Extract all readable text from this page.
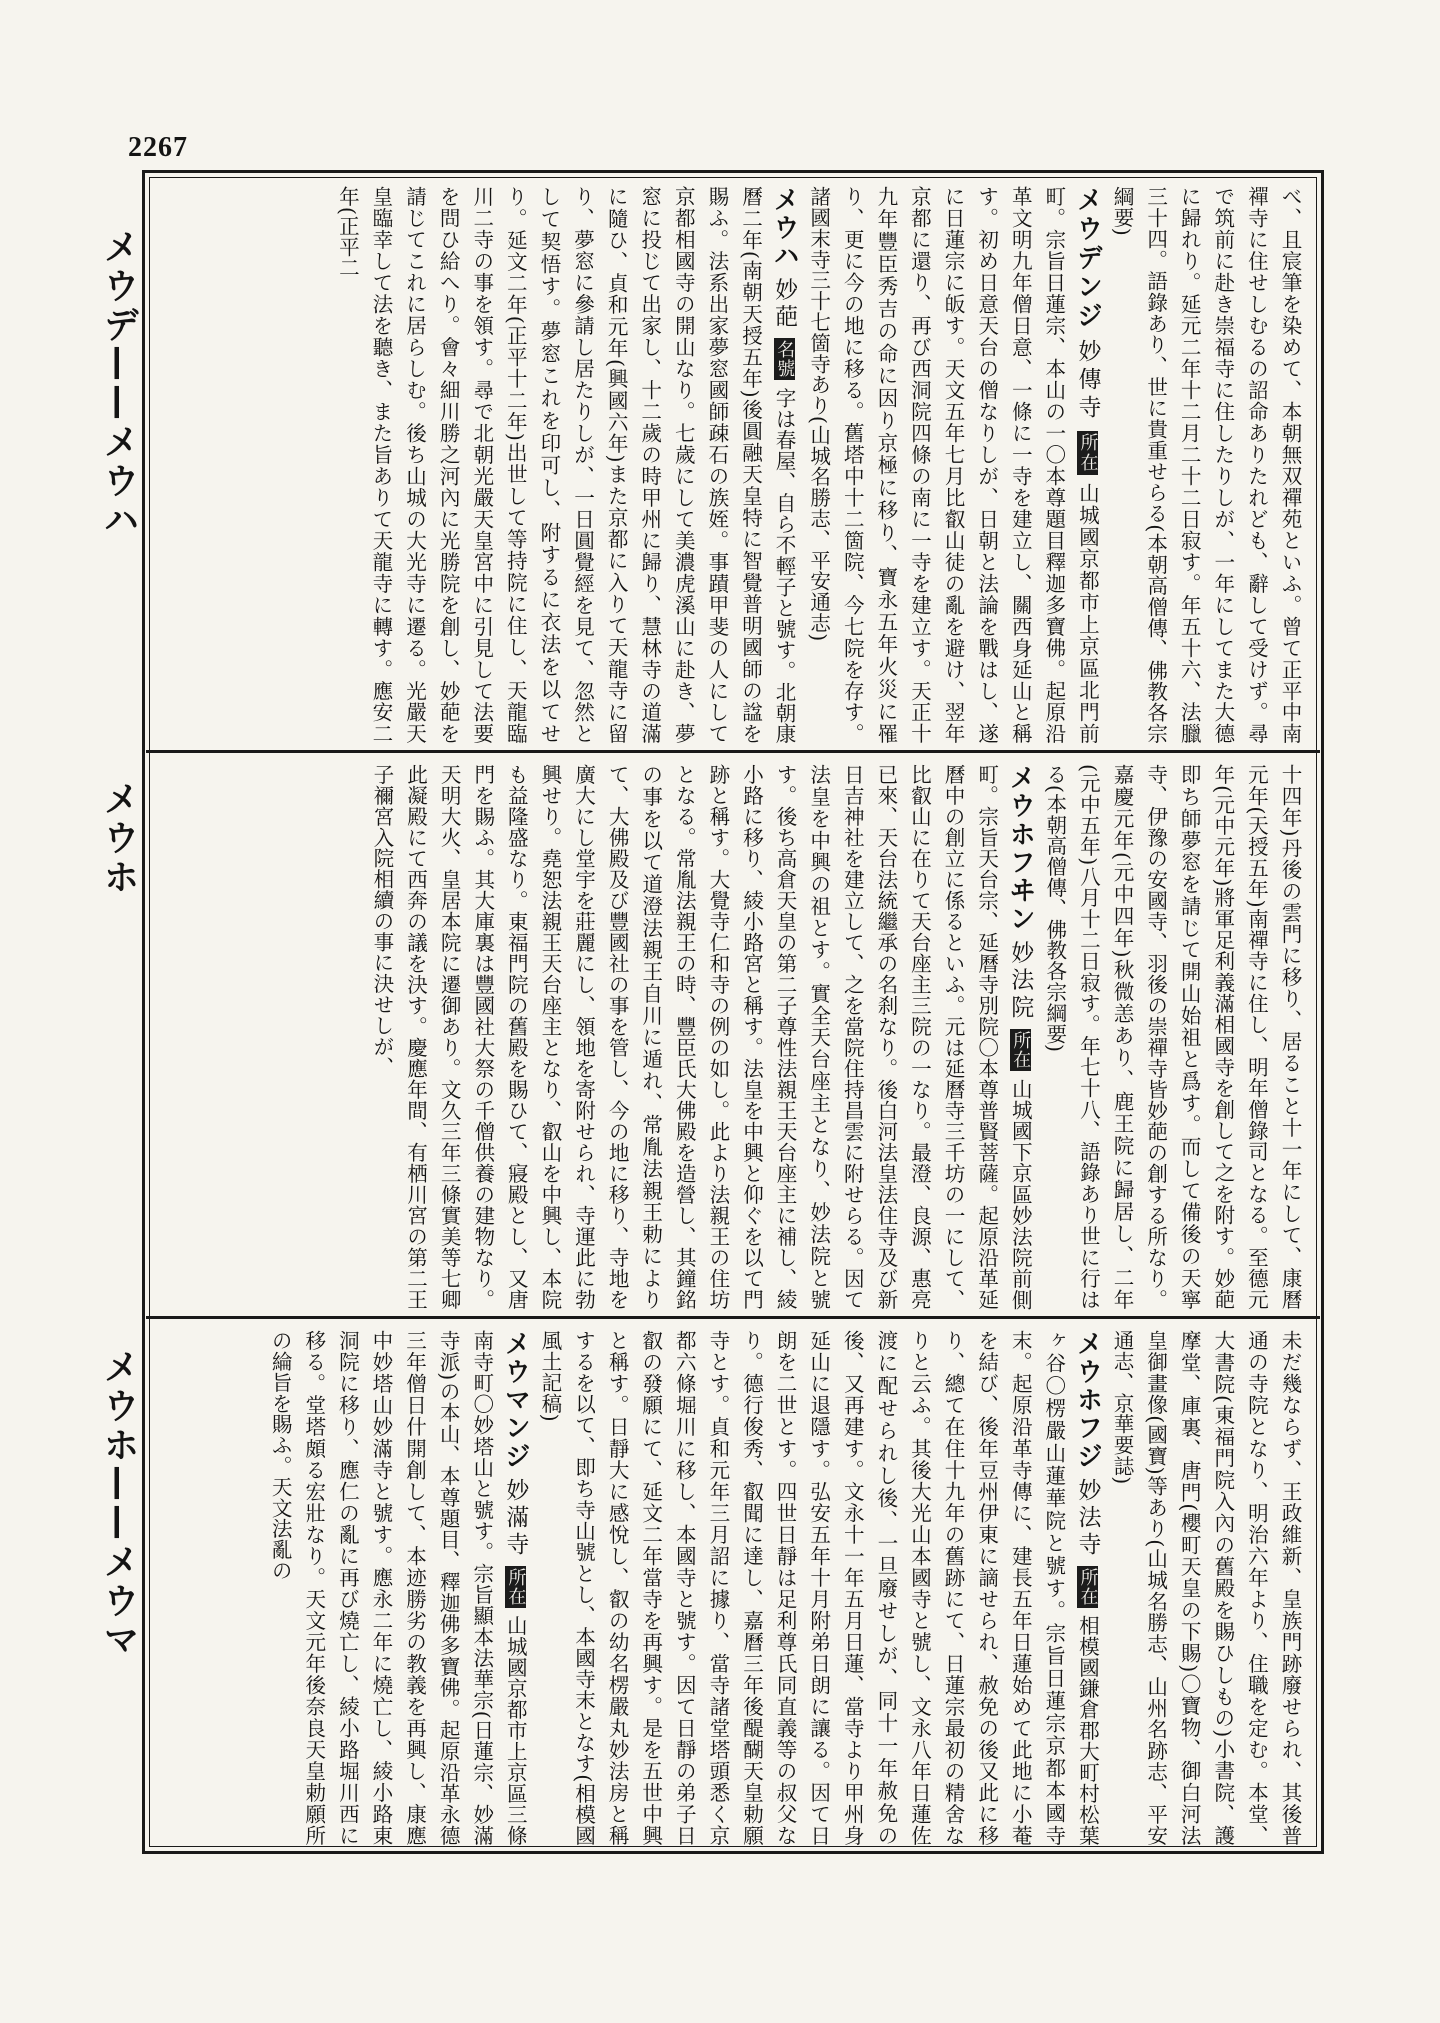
2267
メウデ——メウハ
メウホ
メウホ——メウマ

べ、且宸筆を染めて、本朝無双禪苑といふ。曾て正平中南禪寺に住せしむるの詔命ありたれども、辭して受けず。尋で筑前に赴き崇福寺に住したりしが、一年にしてまた大德に歸れり。延元二年十二月二十二日寂す。年五十六、法臘三十四。語錄あり、世に貴重せらる(本朝高僧傳、佛教各宗綱要)

メウデンジ 妙傳寺 所在 山城國京都市上京區北門前町。宗旨日蓮宗、本山の一〇本尊題目釋迦多寶佛。起原沿革文明九年僧日意、一條に一寺を建立し、關西身延山と稱す。初め日意天台の僧なりしが、日朝と法論を戰はし、遂に日蓮宗に皈す。天文五年七月比叡山徒の亂を避け、翌年京都に還り、再び西洞院四條の南に一寺を建立す。天正十九年豐臣秀吉の命に因り京極に移り、寶永五年火災に罹り、更に今の地に移る。舊塔中十二箇院、今七院を存す。諸國末寺三十七箇寺あり(山城名勝志、平安通志)

メウハ 妙葩 名號 字は春屋、自ら不輕子と號す。北朝康曆二年(南朝天授五年)後圓融天皇特に智覺普明國師の諡を賜ふ。法系出家夢窓國師疎石の族姪。事蹟甲斐の人にして京都相國寺の開山なり。七歲にして美濃虎溪山に赴き、夢窓に投じて出家し、十二歲の時甲州に歸り、慧林寺の道滿に隨ひ、貞和元年(興國六年)また京都に入りて天龍寺に留り、夢窓に參請し居たりしが、一日圓覺經を見て、忽然として契悟す。夢窓これを印可し、附するに衣法を以てせり。延文二年(正平十二年)出世して等持院に住し、天龍臨川二寺の事を領す。尋で北朝光嚴天皇宮中に引見して法要を問ひ給へり。會々細川勝之河內に光勝院を創し、妙葩を請じてこれに居らしむ。後ち山城の大光寺に遷る。光嚴天皇臨幸して法を聽き、また旨ありて天龍寺に轉す。應安二年(正平二

十四年)丹後の雲門に移り、居ること十一年にして、康曆元年(天授五年)南禪寺に住し、明年僧錄司となる。至德元年(元中元年)將軍足利義滿相國寺を創して之を附す。妙葩即ち師夢窓を請じて開山始祖と爲す。而して備後の天寧寺、伊豫の安國寺、羽後の崇禪寺皆妙葩の創する所なり。嘉慶元年(元中四年)秋微恙あり、鹿王院に歸居し、二年(元中五年)八月十二日寂す。年七十八、語錄あり世に行はる(本朝高僧傳、佛教各宗綱要)

メウホフヰン 妙法院 所在 山城國下京區妙法院前側町。宗旨天台宗、延曆寺別院〇本尊普賢菩薩。起原沿革延曆中の創立に係るといふ。元は延曆寺三千坊の一にして、比叡山に在りて天台座主三院の一なり。最澄、良源、惠亮已來、天台法統繼承の名刹なり。後白河法皇法住寺及び新日吉神社を建立して、之を當院住持昌雲に附せらる。因て法皇を中興の祖とす。實全天台座主となり、妙法院と號す。後ち高倉天皇の第二子尊性法親王天台座主に補し、綾小路に移り、綾小路宮と稱す。法皇を中興と仰ぐを以て門跡と稱す。大覺寺仁和寺の例の如し。此より法親王の住坊となる。常胤法親王の時、豐臣氏大佛殿を造營し、其鐘銘の事を以て道澄法親王自川に遁れ、常胤法親王勅によりて、大佛殿及び豐國社の事を管し、今の地に移り、寺地を廣大にし堂宇を莊麗にし、領地を寄附せられ、寺運此に勃興せり。堯恕法親王天台座主となり、叡山を中興し、本院も益隆盛なり。東福門院の舊殿を賜ひて、寢殿とし、又唐門を賜ふ。其大庫裏は豐國社大祭の千僧供養の建物なり。天明大火、皇居本院に遷御あり。文久三年三條實美等七卿此凝殿にて西奔の議を決す。慶應年間、有栖川宮の第二王子禰宮入院相續の事に決せしが、

未だ幾ならず、王政維新、皇族門跡廢せられ、其後普通の寺院となり、明治六年より、住職を定む。本堂、大書院(東福門院入內の舊殿を賜ひしもの)小書院、護摩堂、庫裏、唐門(櫻町天皇の下賜)〇寶物、御白河法皇御畫像(國寶)等あり(山城名勝志、山州名跡志、平安通志、京華要誌)

メウホフジ 妙法寺 所在 相模國鎌倉郡大町村松葉ヶ谷〇楞嚴山蓮華院と號す。宗旨日蓮宗京都本國寺末。起原沿革寺傳に、建長五年日蓮始めて此地に小菴を結び、後年豆州伊東に謫せられ、赦免の後又此に移り、總て在住十九年の舊跡にて、日蓮宗最初の精舍なりと云ふ。其後大光山本國寺と號し、文永八年日蓮佐渡に配せられし後、一旦廢せしが、同十一年赦免の後、又再建す。文永十一年五月日蓮、當寺より甲州身延山に退隱す。弘安五年十月附弟日朗に讓る。因て日朗を二世とす。四世日靜は足利尊氏同直義等の叔父なり。德行俊秀、叡聞に達し、嘉曆三年後醍醐天皇勅願寺とす。貞和元年三月詔に據り、當寺諸堂塔頭悉く京都六條堀川に移し、本國寺と號す。因て日靜の弟子日叡の發願にて、延文二年當寺を再興す。是を五世中興と稱す。日靜大に感悅し、叡の幼名楞嚴丸妙法房と稱するを以て、即ち寺山號とし、本國寺末となす(相模國風土記稿)

メウマンジ 妙滿寺 所在 山城國京都市上京區三條南寺町〇妙塔山と號す。宗旨顯本法華宗(日蓮宗、妙滿寺派)の本山、本尊題目、釋迦佛多寶佛。起原沿革永德三年僧日什開創して、本迹勝劣の教義を再興し、康應中妙塔山妙滿寺と號す。應永二年に燒亡し、綾小路東洞院に移り、應仁の亂に再び燒亡し、綾小路堀川西に移る。堂塔頗る宏壯なり。天文元年後奈良天皇勅願所の綸旨を賜ふ。天文法亂の
